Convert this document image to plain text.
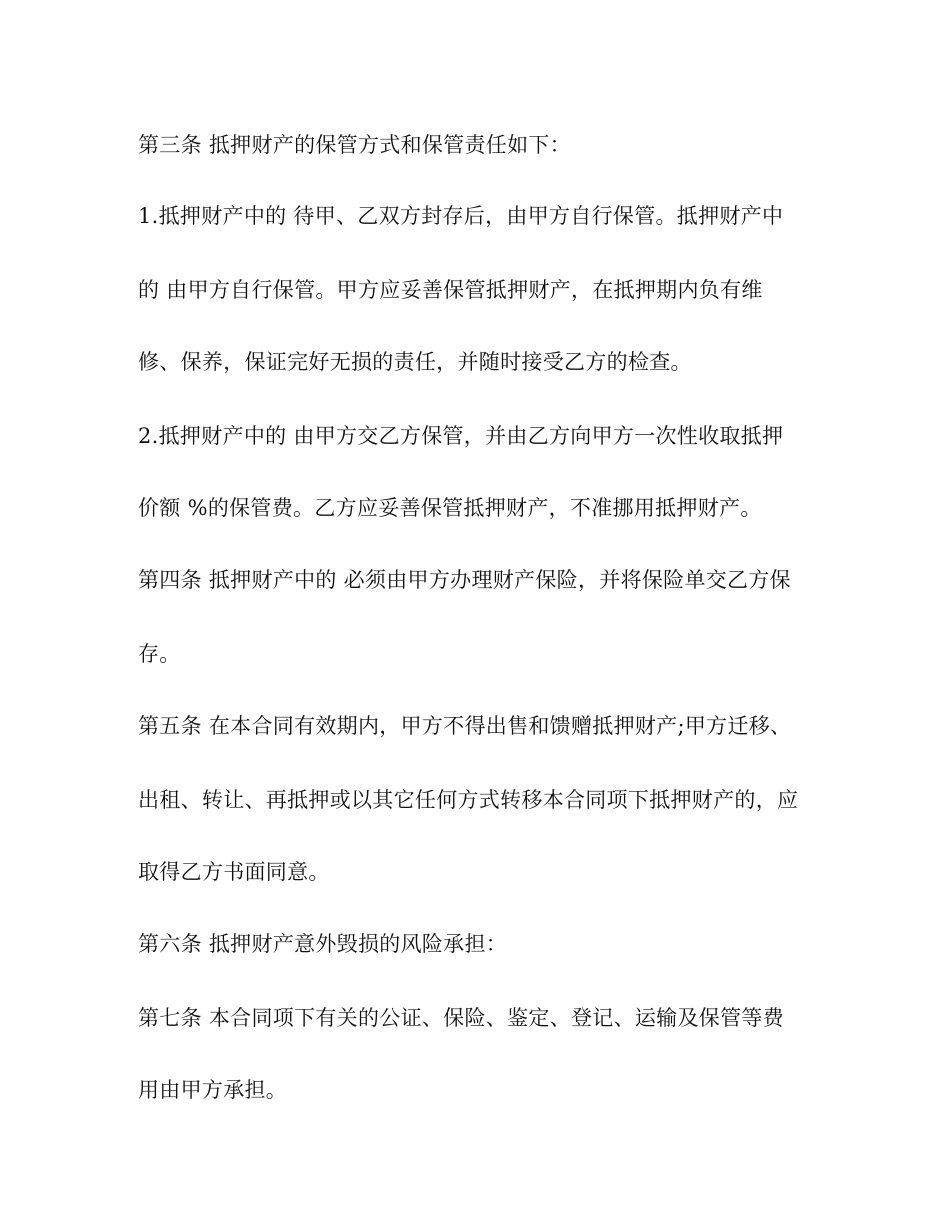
第三条 抵押财产的保管方式和保管责任如下：
1.抵押财产中的 待甲、乙双方封存后，由甲方自行保管。抵押财产中
的 由甲方自行保管。甲方应妥善保管抵押财产，在抵押期内负有维
修、保养，保证完好无损的责任，并随时接受乙方的检查。
2.抵押财产中的 由甲方交乙方保管，并由乙方向甲方一次性收取抵押
价额 %的保管费。乙方应妥善保管抵押财产，不准挪用抵押财产。
第四条 抵押财产中的 必须由甲方办理财产保险，并将保险单交乙方保
存。
第五条 在本合同有效期内，甲方不得出售和馈赠抵押财产;甲方迁移、
出租、转让、再抵押或以其它任何方式转移本合同项下抵押财产的，应
取得乙方书面同意。
第六条 抵押财产意外毁损的风险承担：
第七条 本合同项下有关的公证、保险、鉴定、登记、运输及保管等费
用由甲方承担。
